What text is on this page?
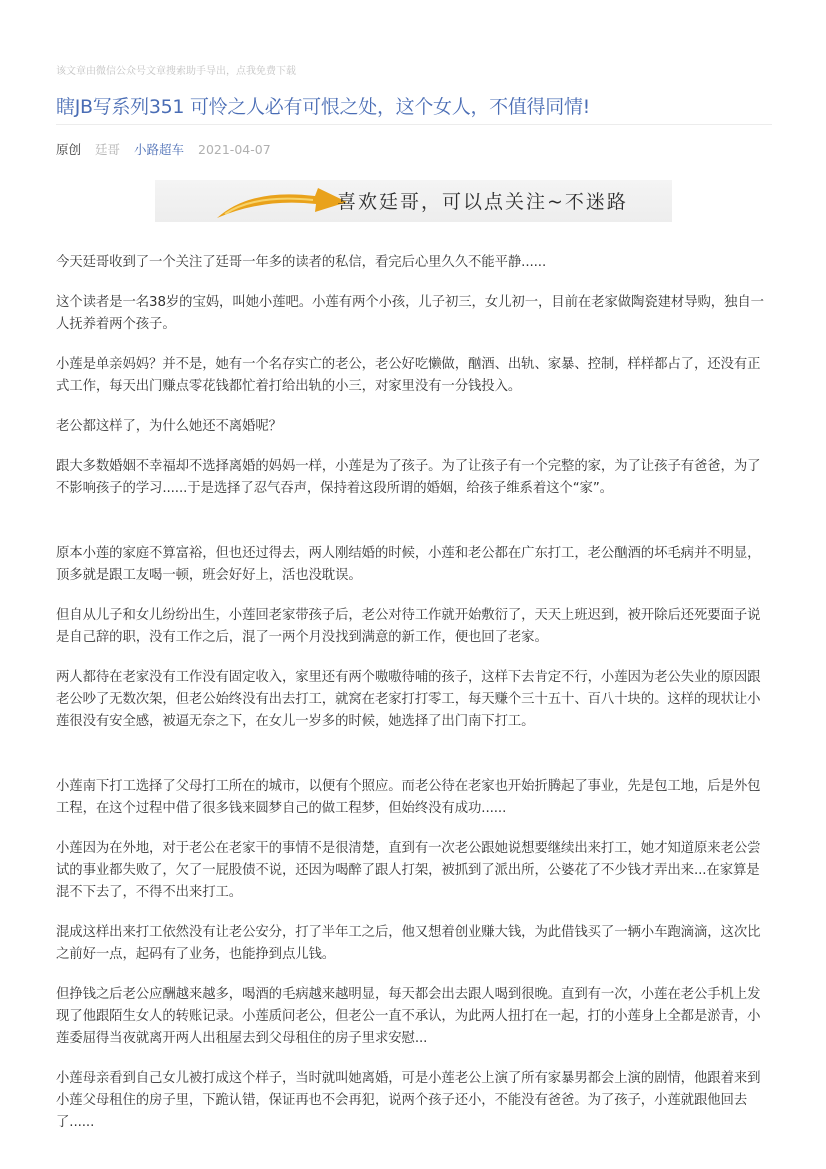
该文章由微信公众号文章搜索助手导出，点我免费下载
瞎JB写系列351 可怜之人必有可恨之处，这个女人，不值得同情!
原创 廷哥 小路超车 2021-04-07
喜欢廷哥，可以点关注~不迷路

今天廷哥收到了一个关注了廷哥一年多的读者的私信，看完后心里久久不能平静......

这个读者是一名38岁的宝妈，叫她小莲吧。小莲有两个小孩，儿子初三，女儿初一，目前在老家做陶瓷建材导购，独自一人抚养着两个孩子。

小莲是单亲妈妈？并不是，她有一个名存实亡的老公，老公好吃懒做，酗酒、出轨、家暴、控制，样样都占了，还没有正式工作，每天出门赚点零花钱都忙着打给出轨的小三，对家里没有一分钱投入。

老公都这样了，为什么她还不离婚呢？

跟大多数婚姻不幸福却不选择离婚的妈妈一样，小莲是为了孩子。为了让孩子有一个完整的家，为了让孩子有爸爸，为了不影响孩子的学习......于是选择了忍气吞声，保持着这段所谓的婚姻，给孩子维系着这个“家”。

原本小莲的家庭不算富裕，但也还过得去，两人刚结婚的时候，小莲和老公都在广东打工，老公酗酒的坏毛病并不明显，顶多就是跟工友喝一顿，班会好好上，活也没耽误。

但自从儿子和女儿纷纷出生，小莲回老家带孩子后，老公对待工作就开始敷衍了，天天上班迟到，被开除后还死要面子说是自己辞的职，没有工作之后，混了一两个月没找到满意的新工作，便也回了老家。

两人都待在老家没有工作没有固定收入，家里还有两个嗷嗷待哺的孩子，这样下去肯定不行，小莲因为老公失业的原因跟老公吵了无数次架，但老公始终没有出去打工，就窝在老家打打零工，每天赚个三十五十、百八十块的。这样的现状让小莲很没有安全感，被逼无奈之下，在女儿一岁多的时候，她选择了出门南下打工。

小莲南下打工选择了父母打工所在的城市，以便有个照应。而老公待在老家也开始折腾起了事业，先是包工地，后是外包工程，在这个过程中借了很多钱来圆梦自己的做工程梦，但始终没有成功......

小莲因为在外地，对于老公在老家干的事情不是很清楚，直到有一次老公跟她说想要继续出来打工，她才知道原来老公尝试的事业都失败了，欠了一屁股债不说，还因为喝醉了跟人打架，被抓到了派出所，公婆花了不少钱才弄出来...在家算是混不下去了，不得不出来打工。

混成这样出来打工依然没有让老公安分，打了半年工之后，他又想着创业赚大钱，为此借钱买了一辆小车跑滴滴，这次比之前好一点，起码有了业务，也能挣到点儿钱。

但挣钱之后老公应酬越来越多，喝酒的毛病越来越明显，每天都会出去跟人喝到很晚。直到有一次，小莲在老公手机上发现了他跟陌生女人的转账记录。小莲质问老公，但老公一直不承认，为此两人扭打在一起，打的小莲身上全都是淤青，小莲委屈得当夜就离开两人出租屋去到父母租住的房子里求安慰...

小莲母亲看到自己女儿被打成这个样子，当时就叫她离婚，可是小莲老公上演了所有家暴男都会上演的剧情，他跟着来到小莲父母租住的房子里，下跪认错，保证再也不会再犯，说两个孩子还小，不能没有爸爸。为了孩子，小莲就跟他回去了......
